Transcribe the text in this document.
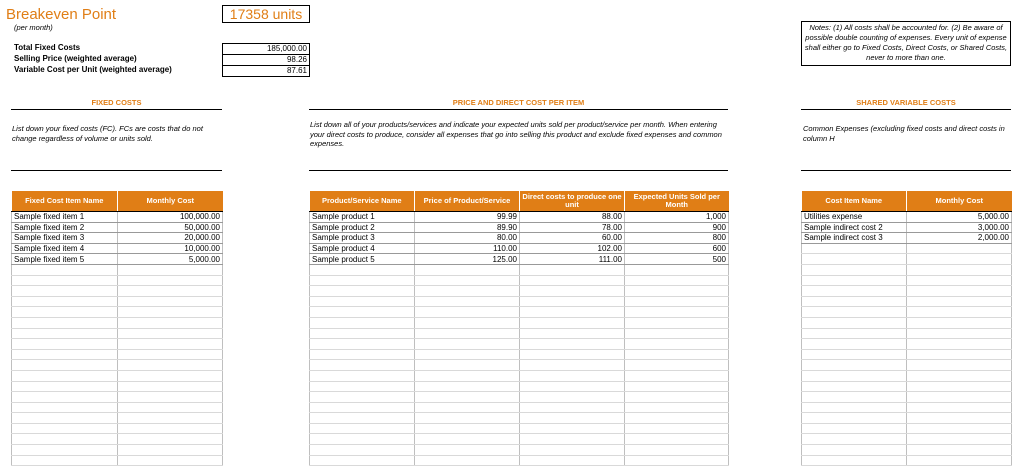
Breakeven Point
(per month)
17358 units
Total Fixed Costs	185,000.00
Selling Price (weighted average)	98.26
Variable Cost per Unit (weighted average)	87.61
Notes: (1) All costs shall be accounted for. (2) Be aware of possible double counting of expenses. Every unit of expense shall either go to Fixed Costs, Direct Costs, or Shared Costs, never to more than one.
FIXED COSTS	PRICE AND DIRECT COST PER ITEM	SHARED VARIABLE COSTS
List down your fixed costs (FC). FCs are costs that do not change regardless of volume or units sold.
List down all of your products/services and indicate your expected units sold per product/service per month. When entering your direct costs to produce, consider all expenses that go into selling this product and exclude fixed expenses and common expenses.
Common Expenses (excluding fixed costs and direct costs in column H
Fixed Cost Item Name	Monthly Cost
Sample fixed item 1	100,000.00
Sample fixed item 2	50,000.00
Sample fixed item 3	20,000.00
Sample fixed item 4	10,000.00
Sample fixed item 5	5,000.00

Product/Service Name	Price of Product/Service	Direct costs to produce one unit	Expected Units Sold per Month
Sample product 1	99.99	88.00	1,000
Sample product 2	89.90	78.00	900
Sample product 3	80.00	60.00	800
Sample product 4	110.00	102.00	600
Sample product 5	125.00	111.00	500

Cost Item Name	Monthly Cost
Utilities expense	5,000.00
Sample indirect cost 2	3,000.00
Sample indirect cost 3	2,000.00
